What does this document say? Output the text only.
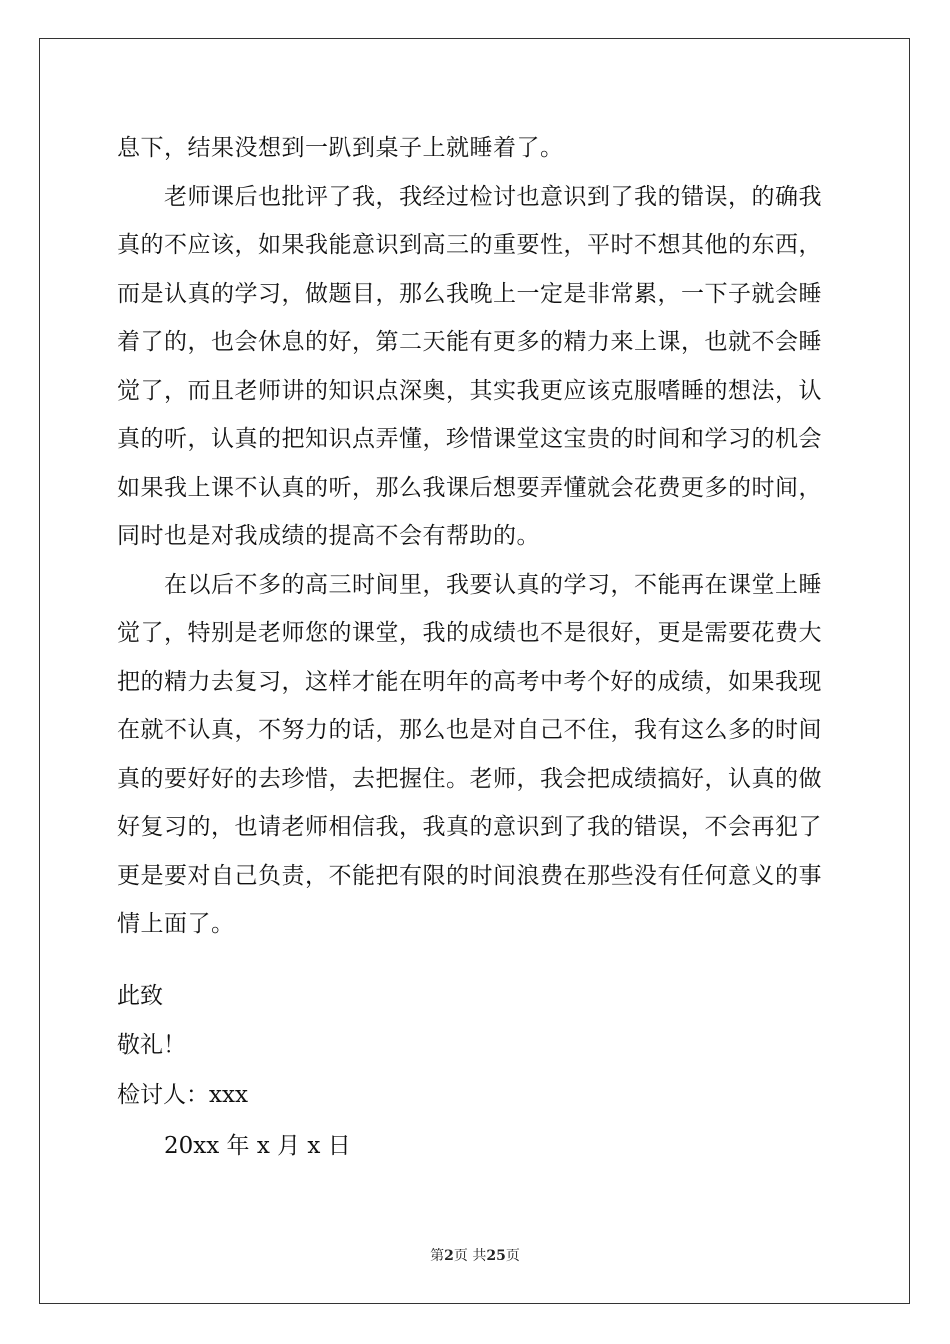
息下，结果没想到一趴到桌子上就睡着了。
老师课后也批评了我，我经过检讨也意识到了我的错误，的确我
真的不应该，如果我能意识到高三的重要性，平时不想其他的东西，
而是认真的学习，做题目，那么我晚上一定是非常累，一下子就会睡
着了的，也会休息的好，第二天能有更多的精力来上课，也就不会睡
觉了，而且老师讲的知识点深奥，其实我更应该克服嗜睡的想法，认
真的听，认真的把知识点弄懂，珍惜课堂这宝贵的时间和学习的机会
如果我上课不认真的听，那么我课后想要弄懂就会花费更多的时间，
同时也是对我成绩的提高不会有帮助的。
在以后不多的高三时间里，我要认真的学习，不能再在课堂上睡
觉了，特别是老师您的课堂，我的成绩也不是很好，更是需要花费大
把的精力去复习，这样才能在明年的高考中考个好的成绩，如果我现
在就不认真，不努力的话，那么也是对自己不住，我有这么多的时间
真的要好好的去珍惜，去把握住。老师，我会把成绩搞好，认真的做
好复习的，也请老师相信我，我真的意识到了我的错误，不会再犯了
更是要对自己负责，不能把有限的时间浪费在那些没有任何意义的事
情上面了。
此致
敬礼！
检讨人：xxx
20xx 年 x 月 x 日
第2页 共25页
